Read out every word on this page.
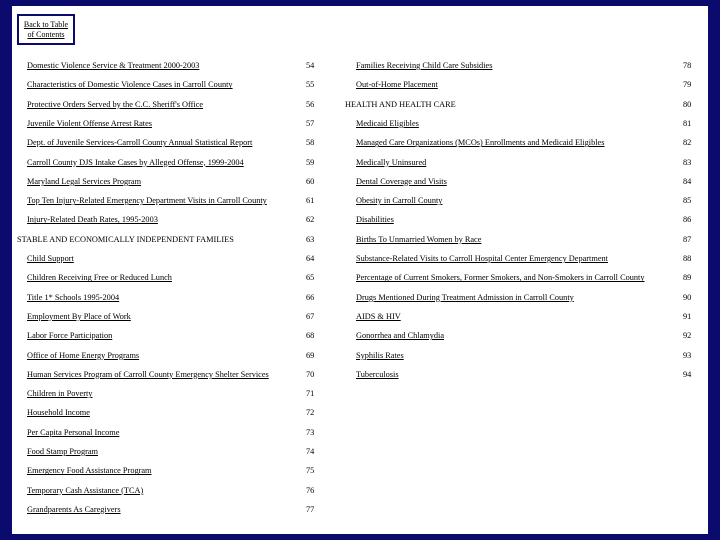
Back to Table
of Contents
Domestic Violence Service & Treatment 2000-2003	54
Characteristics of Domestic Violence Cases in Carroll County	55
Protective Orders Served by the C.C. Sheriff's Office	56
Juvenile Violent Offense Arrest Rates	57
Dept. of Juvenile Services-Carroll County Annual Statistical Report	58
Carroll County DJS Intake Cases by Alleged Offense, 1999-2004	59
Maryland Legal Services Program	60
Top Ten Injury-Related Emergency Department Visits in Carroll County	61
Injury-Related Death Rates, 1995-2003	62
STABLE AND ECONOMICALLY INDEPENDENT FAMILIES	63
Child Support	64
Children Receiving Free or Reduced Lunch	65
Title 1* Schools 1995-2004	66
Employment By Place of Work	67
Labor Force Participation	68
Office of Home Energy Programs	69
Human Services Program of Carroll County Emergency Shelter Services	70
Children in Poverty	71
Household Income	72
Per Capita Personal Income	73
Food Stamp Program	74
Emergency Food Assistance Program	75
Temporary Cash Assistance (TCA)	76
Grandparents As Caregivers	77
Families Receiving Child Care Subsidies	78
Out-of-Home Placement	79
HEALTH AND HEALTH CARE	80
Medicaid Eligibles	81
Managed Care Organizations (MCOs) Enrollments and Medicaid Eligibles	82
Medically Uninsured	83
Dental Coverage and Visits	84
Obesity in Carroll County	85
Disabilities	86
Births To Unmarried Women by Race	87
Substance-Related Visits to Carroll Hospital Center Emergency Department	88
Percentage of Current Smokers, Former Smokers, and Non-Smokers in Carroll County	89
Drugs Mentioned During Treatment Admission in Carroll County	90
AIDS & HIV	91
Gonorrhea and Chlamydia	92
Syphilis Rates	93
Tuberculosis	94
